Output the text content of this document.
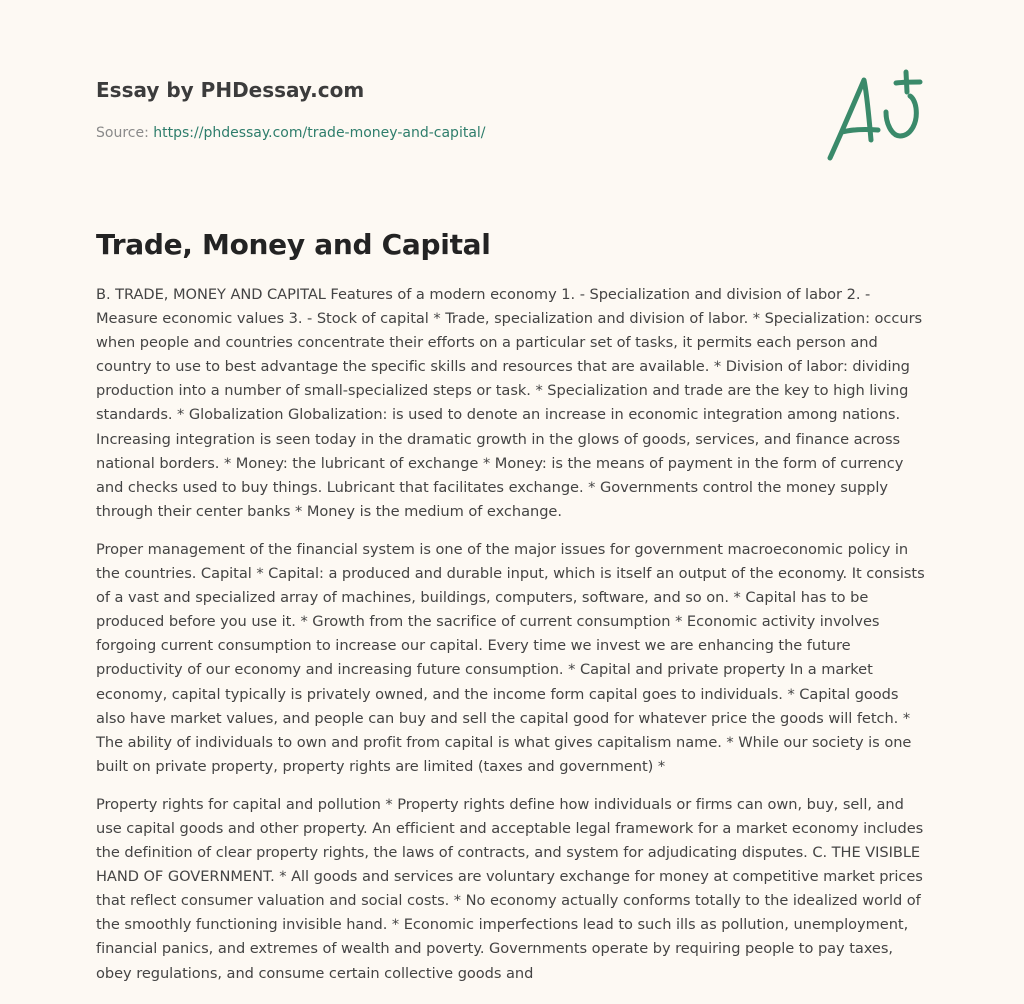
Essay by PHDessay.com
Source: https://phdessay.com/trade-money-and-capital/
Trade, Money and Capital

B. TRADE, MONEY AND CAPITAL Features of a modern economy 1. - Specialization and division of labor 2. - Measure economic values 3. - Stock of capital * Trade, specialization and division of labor. * Specialization: occurs when people and countries concentrate their efforts on a particular set of tasks, it permits each person and country to use to best advantage the specific skills and resources that are available. * Division of labor: dividing production into a number of small-specialized steps or task. * Specialization and trade are the key to high living standards. * Globalization Globalization: is used to denote an increase in economic integration among nations. Increasing integration is seen today in the dramatic growth in the glows of goods, services, and finance across national borders. * Money: the lubricant of exchange * Money: is the means of payment in the form of currency and checks used to buy things. Lubricant that facilitates exchange. * Governments control the money supply through their center banks * Money is the medium of exchange.

Proper management of the financial system is one of the major issues for government macroeconomic policy in the countries. Capital * Capital: a produced and durable input, which is itself an output of the economy. It consists of a vast and specialized array of machines, buildings, computers, software, and so on. * Capital has to be produced before you use it. * Growth from the sacrifice of current consumption * Economic activity involves forgoing current consumption to increase our capital. Every time we invest we are enhancing the future productivity of our economy and increasing future consumption. * Capital and private property In a market economy, capital typically is privately owned, and the income form capital goes to individuals. * Capital goods also have market values, and people can buy and sell the capital good for whatever price the goods will fetch. * The ability of individuals to own and profit from capital is what gives capitalism name. * While our society is one built on private property, property rights are limited (taxes and government) *

Property rights for capital and pollution * Property rights define how individuals or firms can own, buy, sell, and use capital goods and other property. An efficient and acceptable legal framework for a market economy includes the definition of clear property rights, the laws of contracts, and system for adjudicating disputes. C. THE VISIBLE HAND OF GOVERNMENT. * All goods and services are voluntary exchange for money at competitive market prices that reflect consumer valuation and social costs. * No economy actually conforms totally to the idealized world of the smoothly functioning invisible hand. * Economic imperfections lead to such ills as pollution, unemployment, financial panics, and extremes of wealth and poverty. Governments operate by requiring people to pay taxes, obey regulations, and consume certain collective goods and
